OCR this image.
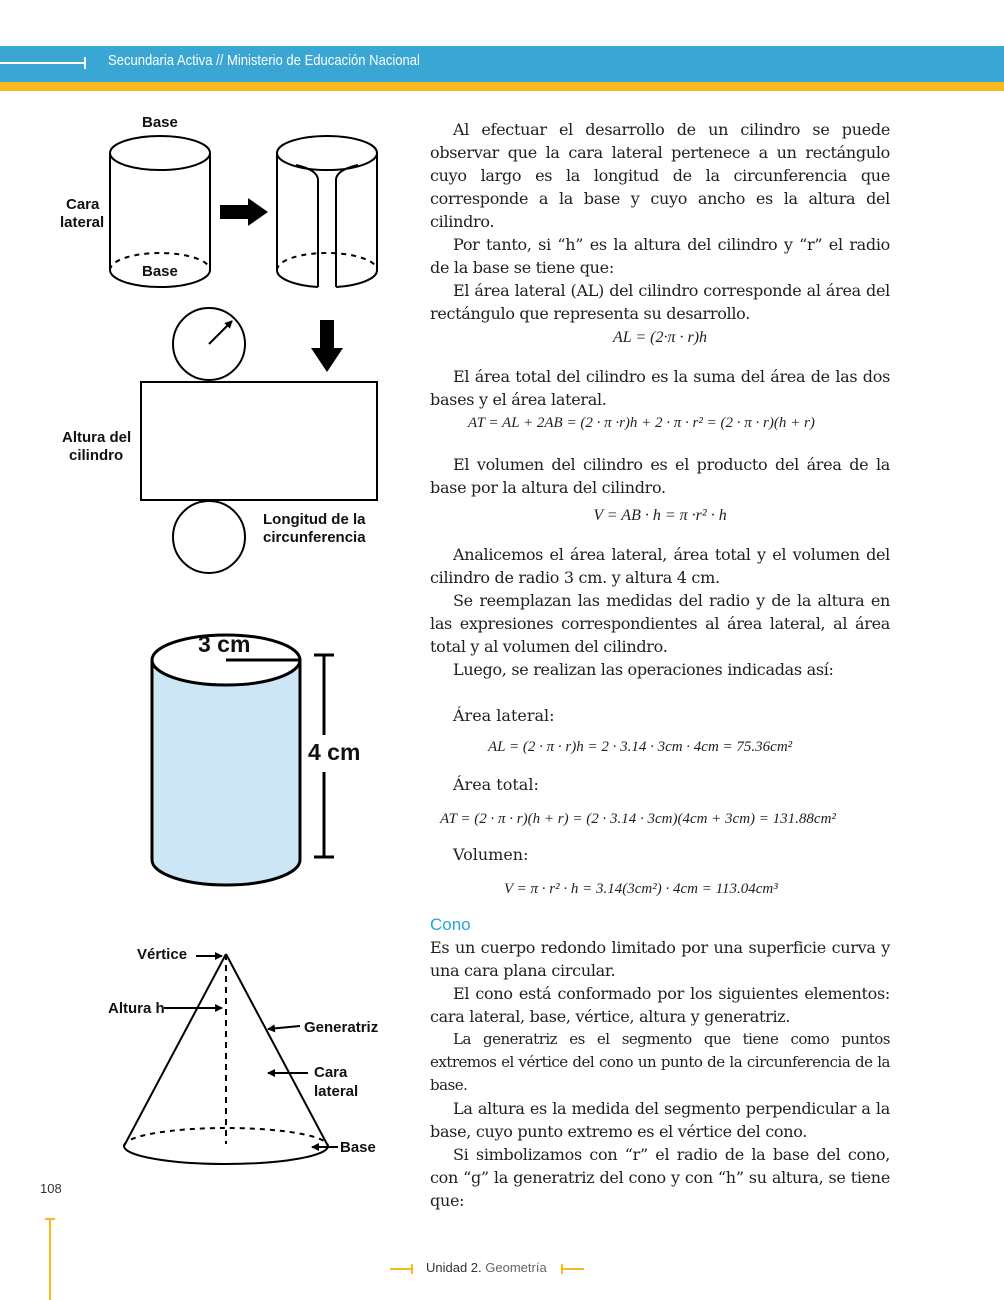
Secundaria Activa // Ministerio de Educación Nacional
Base
Cara
lateral
Base
Altura del
cilindro
Longitud de la
circunferencia
3 cm
4 cm
Vértice
Altura h
Generatriz
Cara
lateral
Base
Al efectuar el desarrollo de un cilindro se puede observar que la cara lateral pertenece a un rectángulo cuyo largo es la longitud de la circunferencia que corresponde a la base y cuyo ancho es la altura del cilindro.
Por tanto, si “h” es la altura del cilindro y “r” el radio de la base se tiene que:
El área lateral (AL) del cilindro corresponde al área del rectángulo que representa su desarrollo.
AL = (2·π · r)h
El área total del cilindro es la suma del área de las dos bases y el área lateral.
AT = AL + 2AB = (2 · π ·r)h + 2 · π · r² = (2 · π · r)(h + r)
El volumen del cilindro es el producto del área de la base por la altura del cilindro.
V = AB · h = π ·r² · h
Analicemos el área lateral, área total y el volumen del cilindro de radio 3 cm. y altura 4 cm.
Se reemplazan las medidas del radio y de la altura en las expresiones correspondientes al área lateral, al área total y al volumen del cilindro.
Luego, se realizan las operaciones indicadas así:
Área lateral:
AL = (2 · π · r)h = 2 · 3.14 · 3cm · 4cm = 75.36cm²
Área total:
AT = (2 · π · r)(h + r) = (2 · 3.14 · 3cm)(4cm + 3cm) = 131.88cm²
Volumen:
V = π · r² · h = 3.14(3cm²) · 4cm = 113.04cm³
Cono
Es un cuerpo redondo limitado por una superficie curva y una cara plana circular.
El cono está conformado por los siguientes elementos: cara lateral, base, vértice, altura y generatriz.
La generatriz es el segmento que tiene como puntos extremos el vértice del cono un punto de la circunferencia de la base.
La altura es la medida del segmento perpendicular a la base, cuyo punto extremo es el vértice del cono.
Si simbolizamos con “r” el radio de la base del cono, con “g” la generatriz del cono y con “h” su altura, se tiene que:
108
Unidad 2. Geometría
